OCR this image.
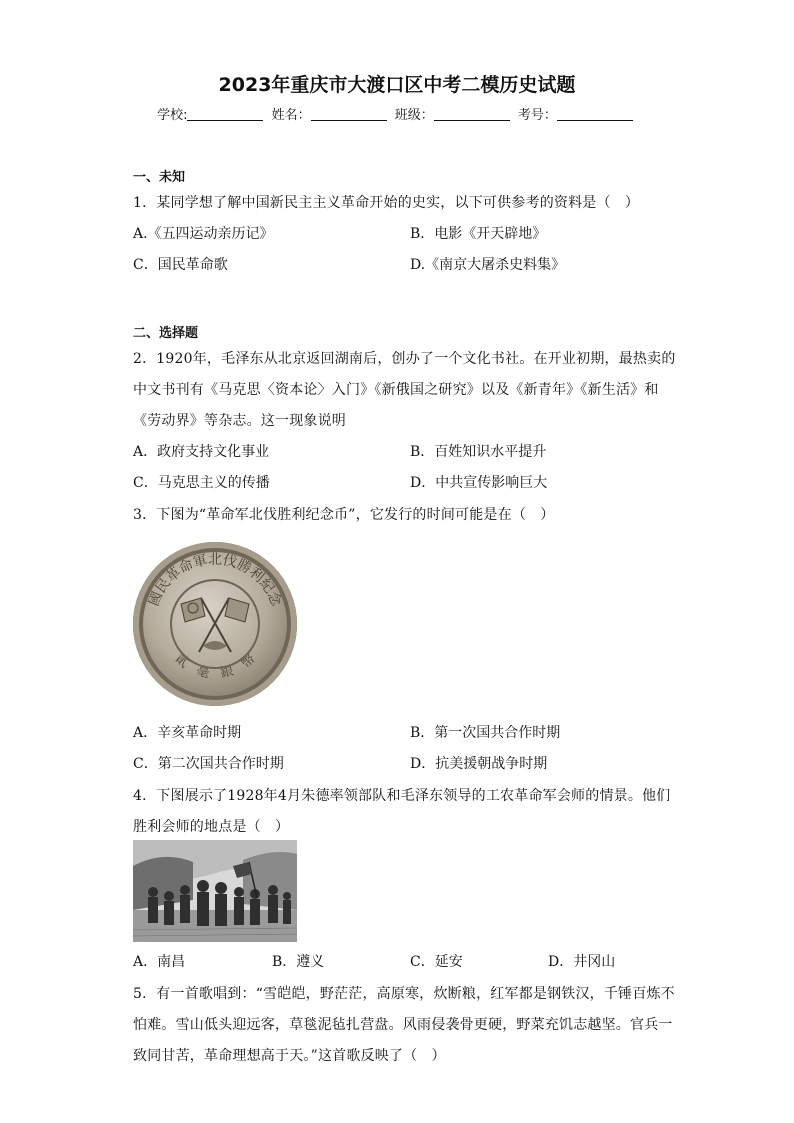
2023年重庆市大渡口区中考二模历史试题
学校:	姓名：	班级：	考号：
一、未知
1．某同学想了解中国新民主主义革命开始的史实，以下可供参考的资料是（　）
A.《五四运动亲历记》	B．电影《开天辟地》
C．国民革命歌	D.《南京大屠杀史料集》
二、选择题
2．1920年，毛泽东从北京返回湖南后，创办了一个文化书社。在开业初期，最热卖的
中文书刊有《马克思〈资本论〉入门》《新俄国之研究》以及《新青年》《新生活》和
《劳动界》等杂志。这一现象说明
A．政府支持文化事业	B．百姓知识水平提升
C．马克思主义的传播	D．中共宣传影响巨大
3．下图为“革命军北伐胜利纪念币”，它发行的时间可能是在（　）
國民革命軍北伐勝利紀念
貳　毫　銀　幣
A．辛亥革命时期	B．第一次国共合作时期
C．第二次国共合作时期	D．抗美援朝战争时期
4．下图展示了1928年4月朱德率领部队和毛泽东领导的工农革命军会师的情景。他们
胜利会师的地点是（　）
A．南昌	B．遵义	C．延安	D．井冈山
5．有一首歌唱到：“雪皑皑，野茫茫，高原寒，炊断粮，红军都是钢铁汉，千锤百炼不
怕难。雪山低头迎远客，草毯泥毡扎营盘。风雨侵袭骨更硬，野菜充饥志越坚。官兵一
致同甘苦，革命理想高于天。”这首歌反映了（　）
